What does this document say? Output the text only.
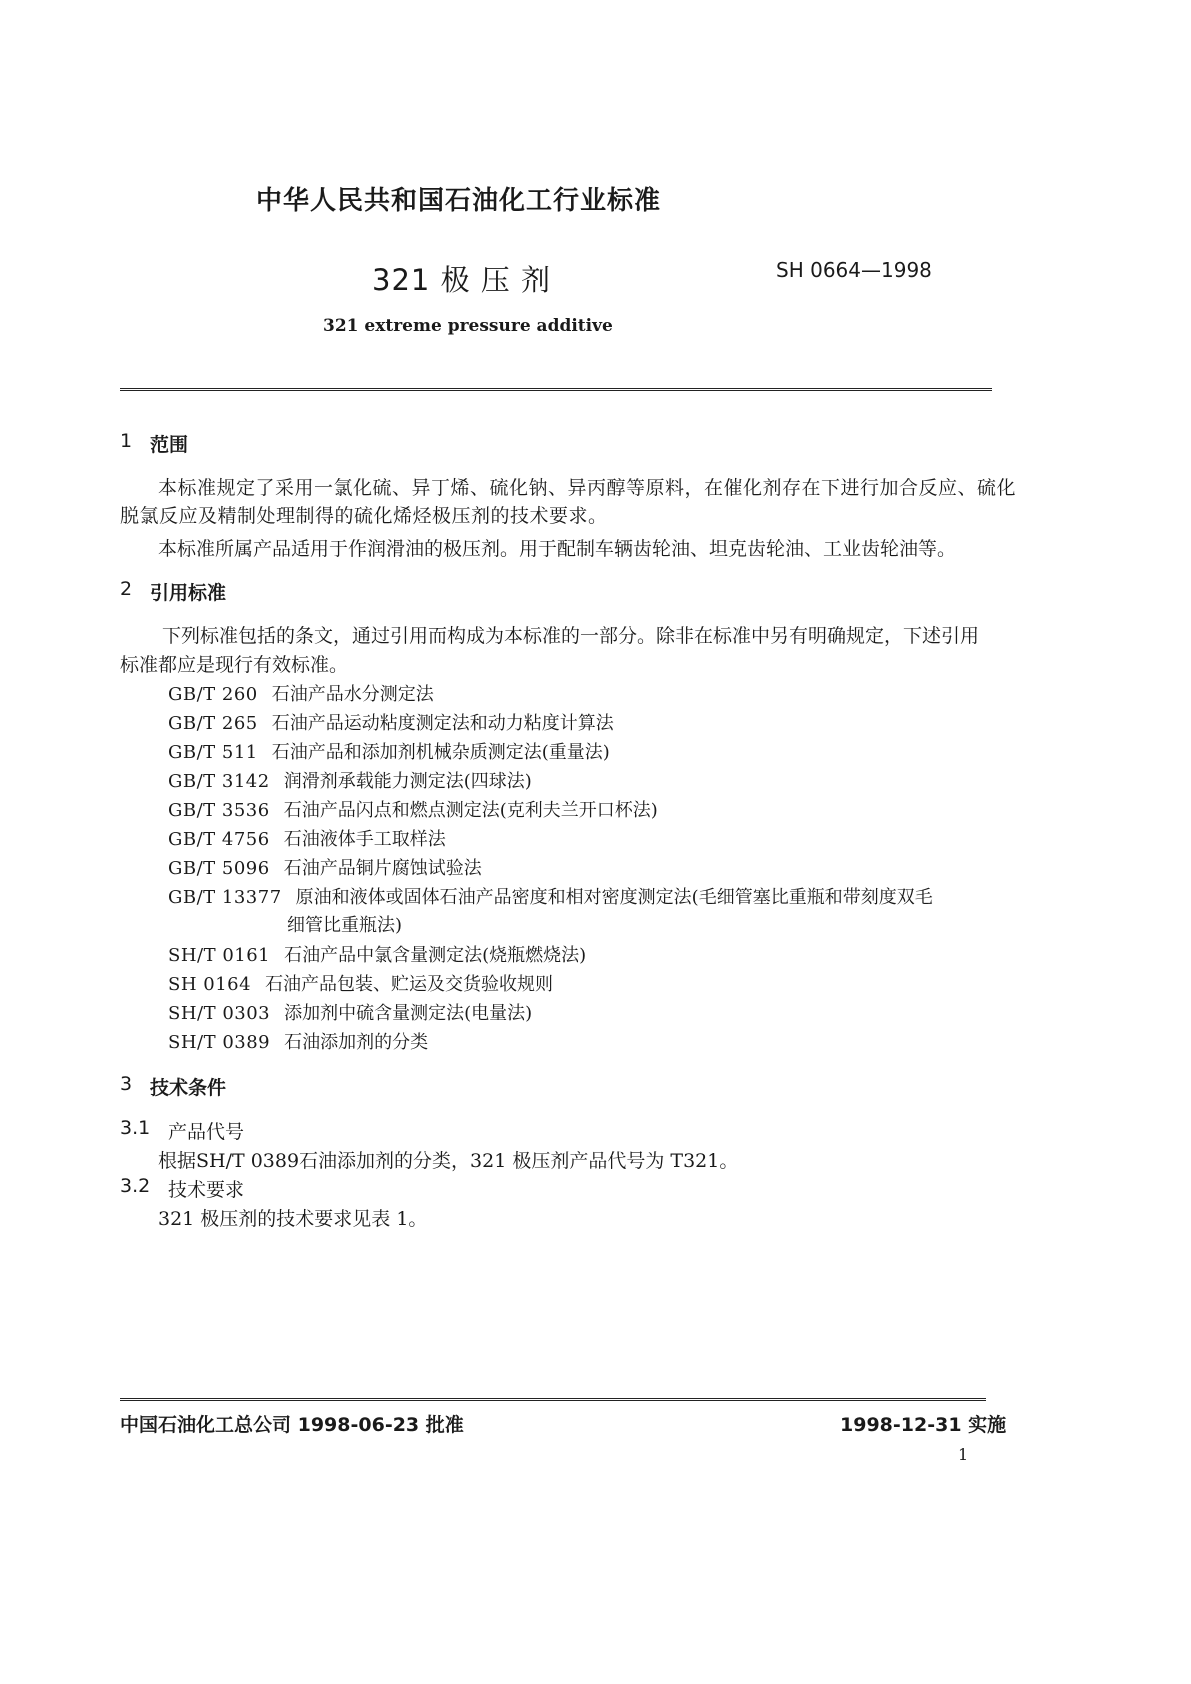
中华人民共和国石油化工行业标准
321 极 压 剂	SH 0664—1998
321 extreme pressure additive
1 范围
本标准规定了采用一氯化硫、异丁烯、硫化钠、异丙醇等原料，在催化剂存在下进行加合反应、硫化
脱氯反应及精制处理制得的硫化烯烃极压剂的技术要求。
本标准所属产品适用于作润滑油的极压剂。用于配制车辆齿轮油、坦克齿轮油、工业齿轮油等。
2 引用标准
下列标准包括的条文，通过引用而构成为本标准的一部分。除非在标准中另有明确规定，下述引用
标准都应是现行有效标准。
GB/T 260 石油产品水分测定法
GB/T 265 石油产品运动粘度测定法和动力粘度计算法
GB/T 511 石油产品和添加剂机械杂质测定法(重量法)
GB/T 3142 润滑剂承载能力测定法(四球法)
GB/T 3536 石油产品闪点和燃点测定法(克利夫兰开口杯法)
GB/T 4756 石油液体手工取样法
GB/T 5096 石油产品铜片腐蚀试验法
GB/T 13377 原油和液体或固体石油产品密度和相对密度测定法(毛细管塞比重瓶和带刻度双毛
细管比重瓶法)
SH/T 0161 石油产品中氯含量测定法(烧瓶燃烧法)
SH 0164 石油产品包装、贮运及交货验收规则
SH/T 0303 添加剂中硫含量测定法(电量法)
SH/T 0389 石油添加剂的分类
3 技术条件
3.1 产品代号
根据SH/T 0389石油添加剂的分类，321 极压剂产品代号为 T321。
3.2 技术要求
321 极压剂的技术要求见表 1。
中国石油化工总公司 1998-06-23 批准	1998-12-31 实施
1
